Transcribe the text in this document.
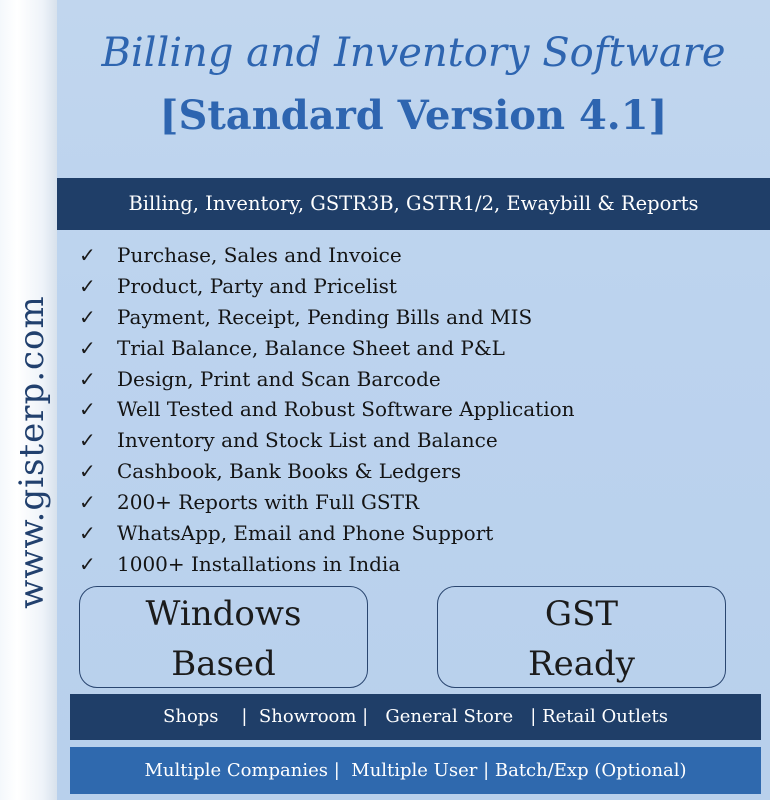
www.gisterp.com
Billing and Inventory Software
[Standard Version 4.1]
Billing, Inventory, GSTR3B, GSTR1/2, Ewaybill & Reports
✓ Purchase, Sales and Invoice
✓ Product, Party and Pricelist
✓ Payment, Receipt, Pending Bills and MIS
✓ Trial Balance, Balance Sheet and P&L
✓ Design, Print and Scan Barcode
✓ Well Tested and Robust Software Application
✓ Inventory and Stock List and Balance
✓ Cashbook, Bank Books & Ledgers
✓ 200+ Reports with Full GSTR
✓ WhatsApp, Email and Phone Support
✓ 1000+ Installations in India
Windows
Based
GST
Ready
Shops    |  Showroom |   General Store   | Retail Outlets
Multiple Companies |  Multiple User | Batch/Exp (Optional)
